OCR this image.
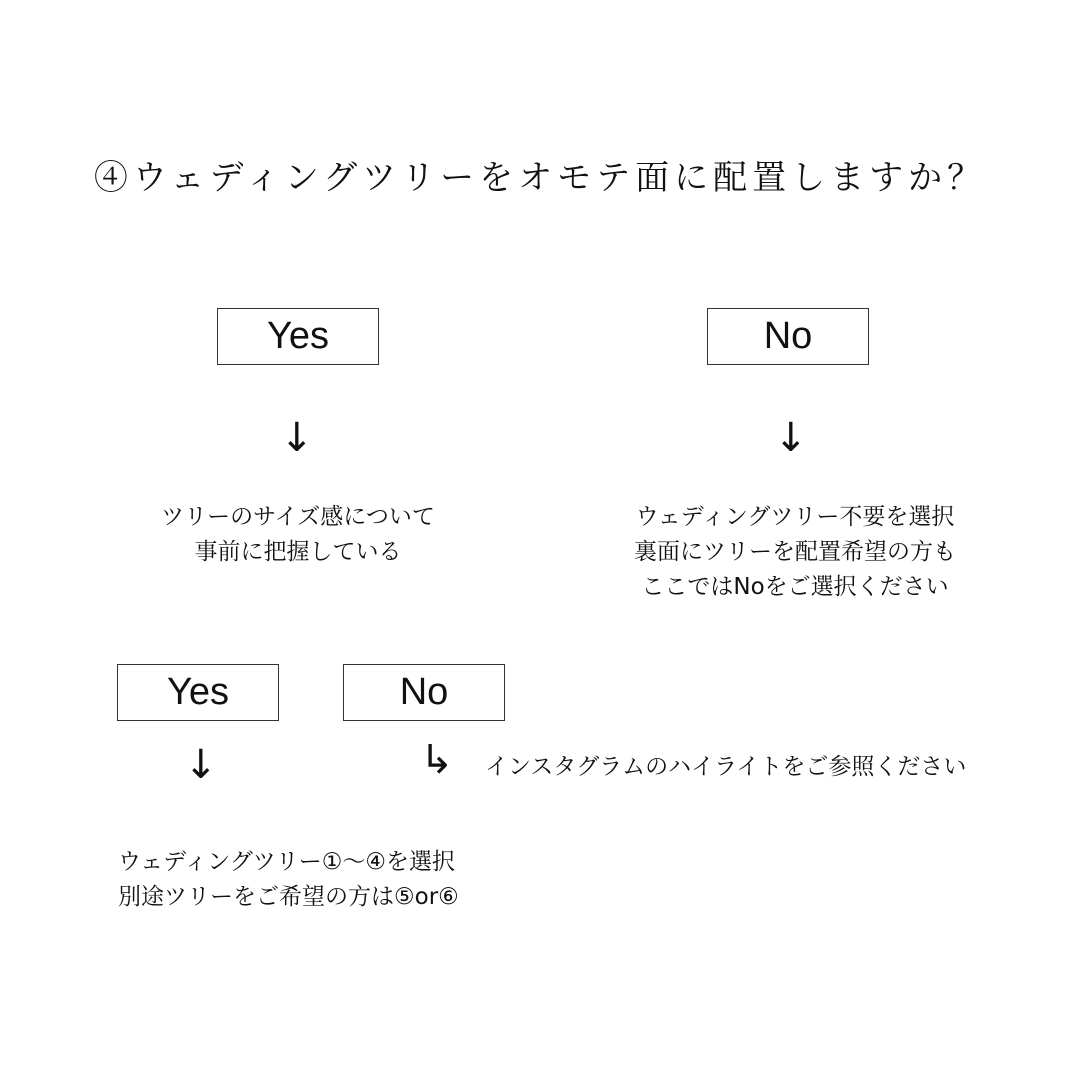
④ウェディングツリーをオモテ面に配置しますか？
Yes
↓
ツリーのサイズ感について
事前に把握している
No
↓
ウェディングツリー不要を選択
裏面にツリーを配置希望の方も
ここではNoをご選択ください
Yes
↓
ウェディングツリー①〜④を選択
別途ツリーをご希望の方は⑤or⑥
No
↳ インスタグラムのハイライトをご参照ください
